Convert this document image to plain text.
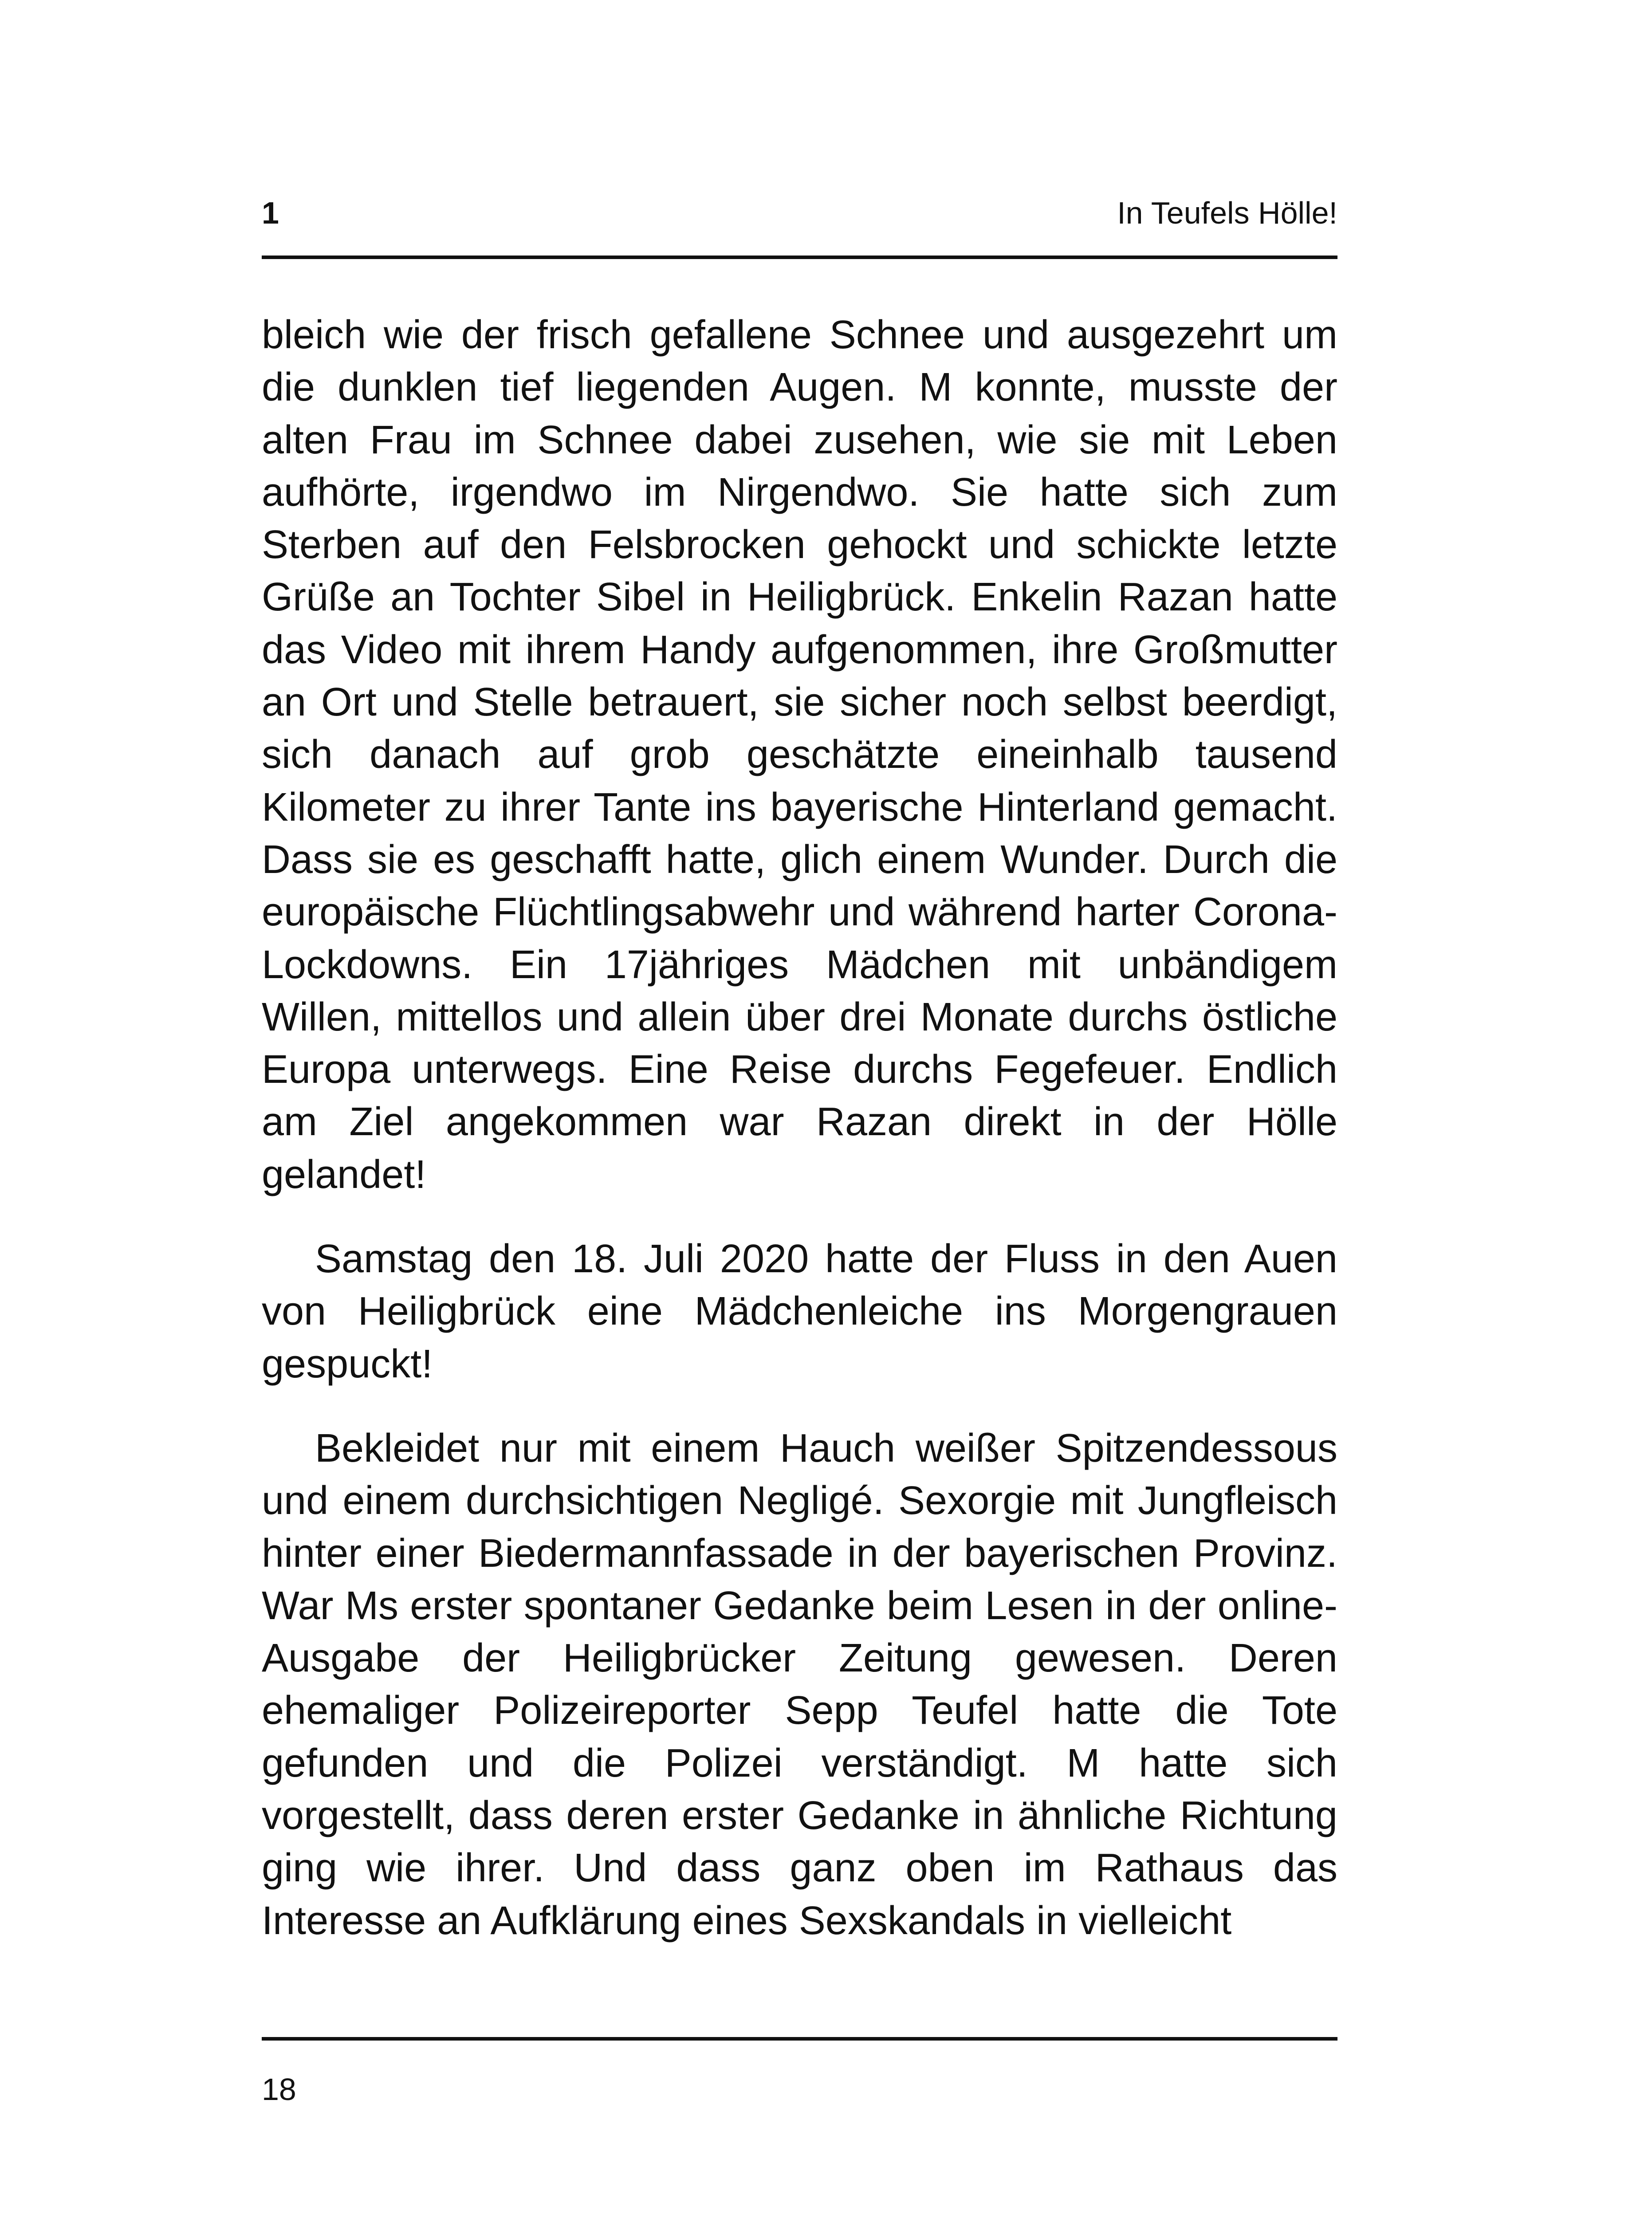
1	In Teufels Hölle!

bleich wie der frisch gefallene Schnee und ausgezehrt um die dunklen tief liegenden Augen. M konnte, musste der alten Frau im Schnee dabei zusehen, wie sie mit Leben aufhörte, irgendwo im Nirgendwo. Sie hatte sich zum Sterben auf den Felsbrocken gehockt und schickte letzte Grüße an Tochter Sibel in Heiligbrück. Enkelin Razan hatte das Video mit ihrem Handy aufgenommen, ihre Großmutter an Ort und Stelle betrauert, sie sicher noch selbst beerdigt, sich danach auf grob geschätzte eineinhalb tausend Kilometer zu ihrer Tante ins bayerische Hinterland gemacht. Dass sie es geschafft hatte, glich einem Wunder. Durch die europäische Flüchtlingsabwehr und während harter Corona-Lockdowns. Ein 17jähriges Mädchen mit unbändigem Willen, mittellos und allein über drei Monate durchs östliche Europa unterwegs. Eine Reise durchs Fegefeuer. Endlich am Ziel angekommen war Razan direkt in der Hölle gelandet!

Samstag den 18. Juli 2020 hatte der Fluss in den Auen von Heiligbrück eine Mädchenleiche ins Morgengrauen gespuckt!

Bekleidet nur mit einem Hauch weißer Spitzendessous und einem durchsichtigen Negligé. Sexorgie mit Jungfleisch hinter einer Biedermannfassade in der bayerischen Provinz. War Ms erster spontaner Gedanke beim Lesen in der online-Ausgabe der Heiligbrücker Zeitung gewesen. Deren ehemaliger Polizeireporter Sepp Teufel hatte die Tote gefunden und die Polizei verständigt. M hatte sich vorgestellt, dass deren erster Gedanke in ähnliche Richtung ging wie ihrer. Und dass ganz oben im Rathaus das Interesse an Aufklärung eines Sexskandals in vielleicht

18
